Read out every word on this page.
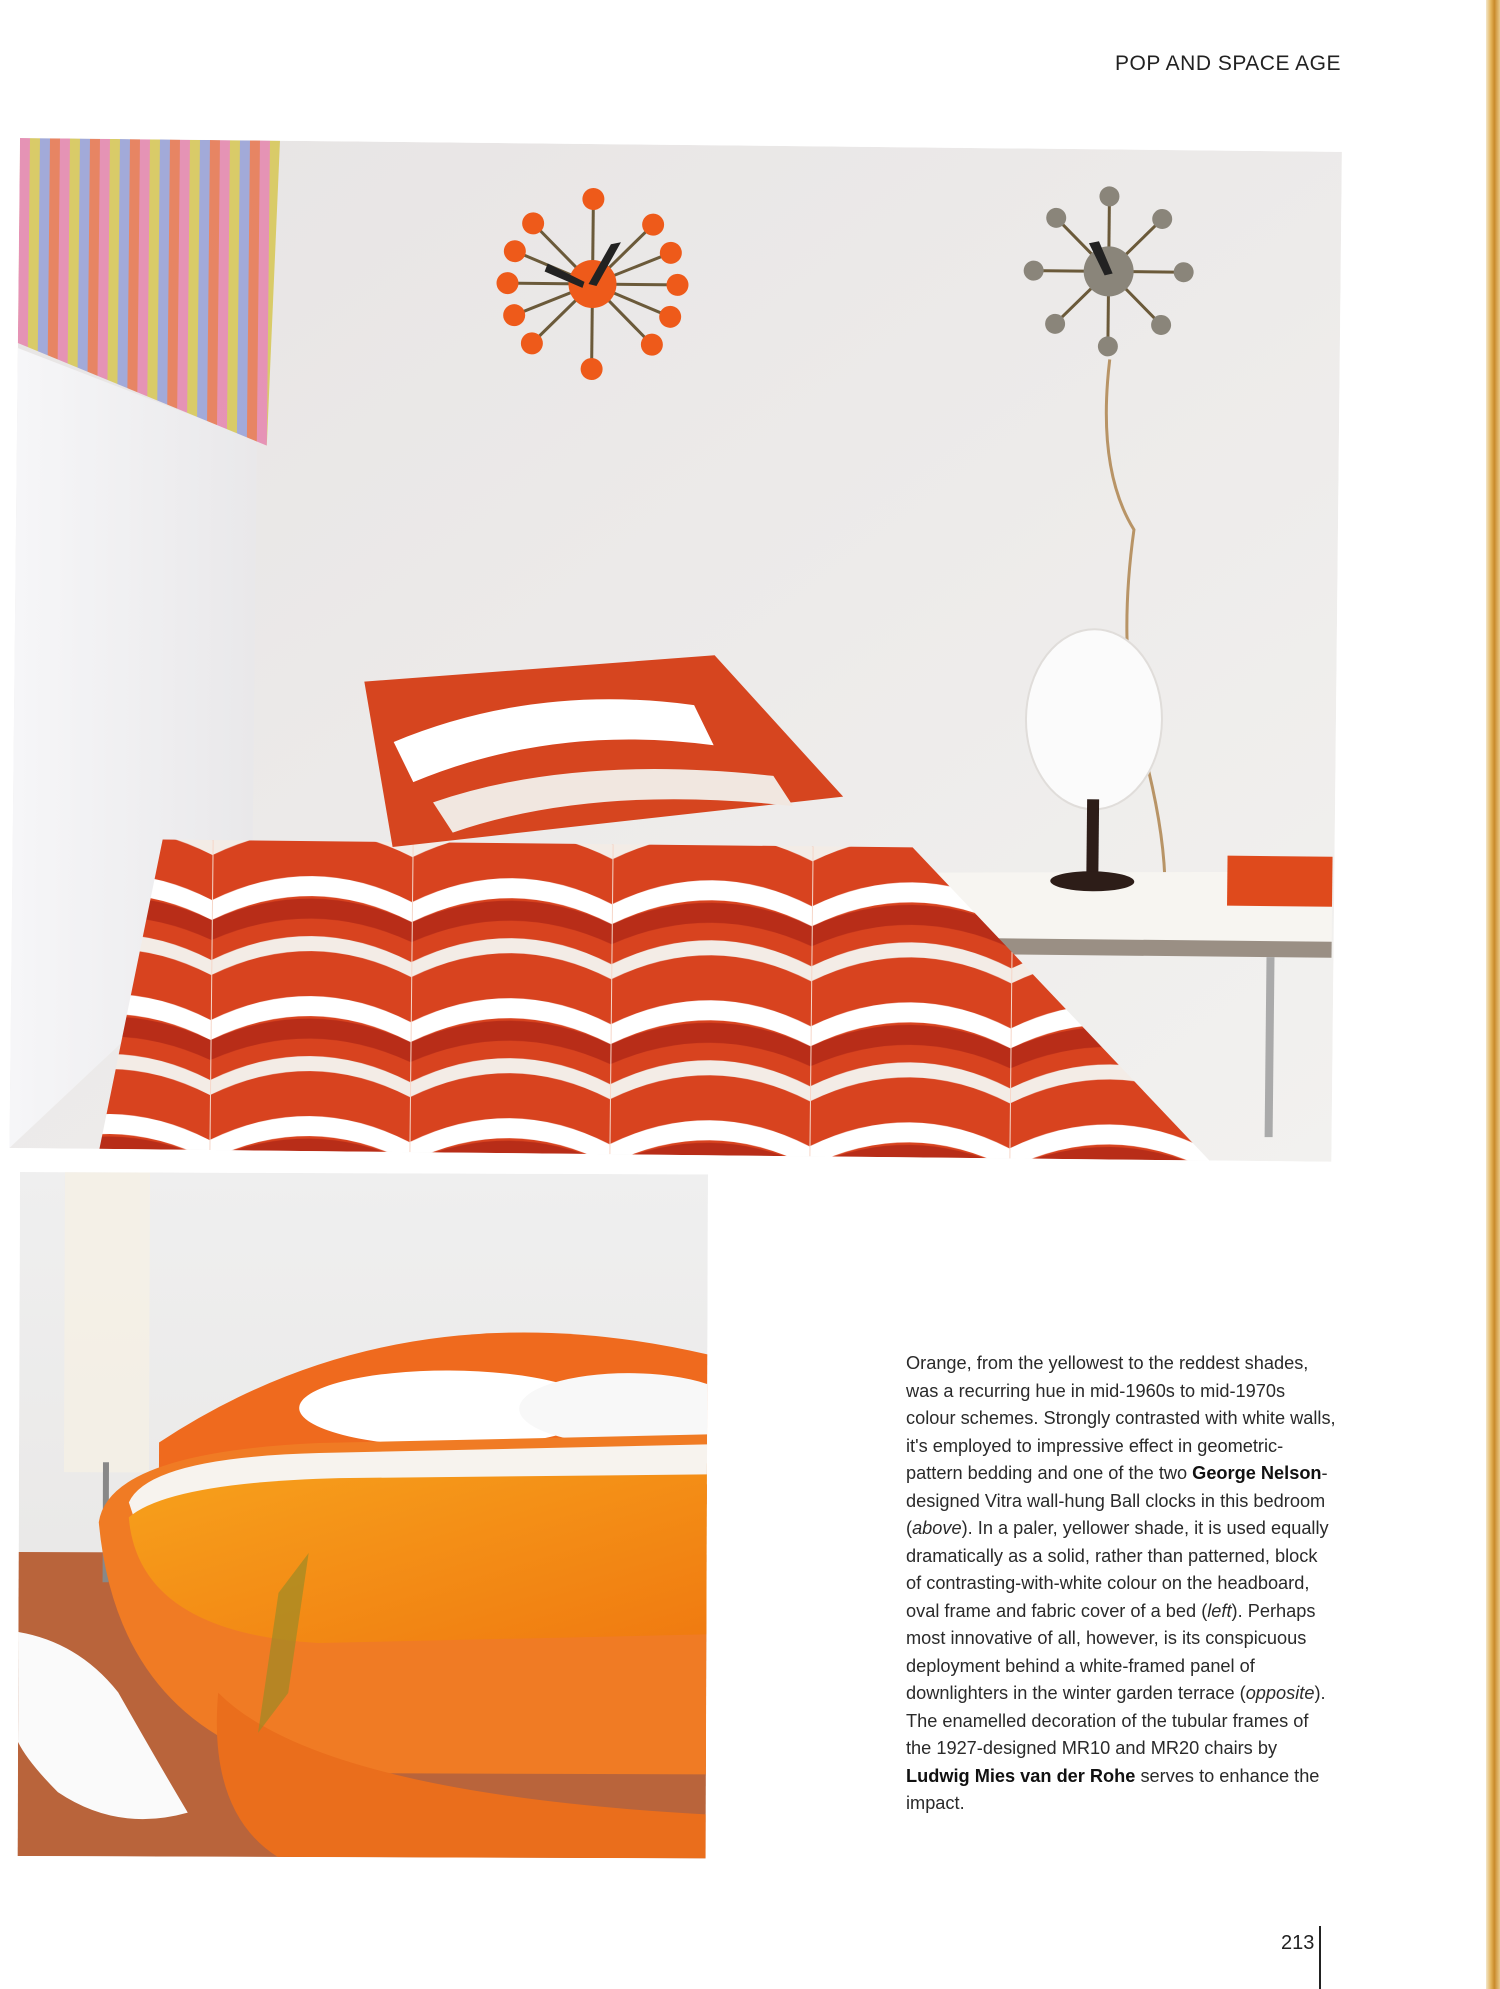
POP AND SPACE AGE

Orange, from the yellowest to the reddest shades, was a recurring hue in mid-1960s to mid-1970s colour schemes. Strongly contrasted with white walls, it's employed to impressive effect in geometric-pattern bedding and one of the two George Nelson-designed Vitra wall-hung Ball clocks in this bedroom (above). In a paler, yellower shade, it is used equally dramatically as a solid, rather than patterned, block of contrasting-with-white colour on the headboard, oval frame and fabric cover of a bed (left). Perhaps most innovative of all, however, is its conspicuous deployment behind a white-framed panel of downlighters in the winter garden terrace (opposite). The enamelled decoration of the tubular frames of the 1927-designed MR10 and MR20 chairs by Ludwig Mies van der Rohe serves to enhance the impact.

213
